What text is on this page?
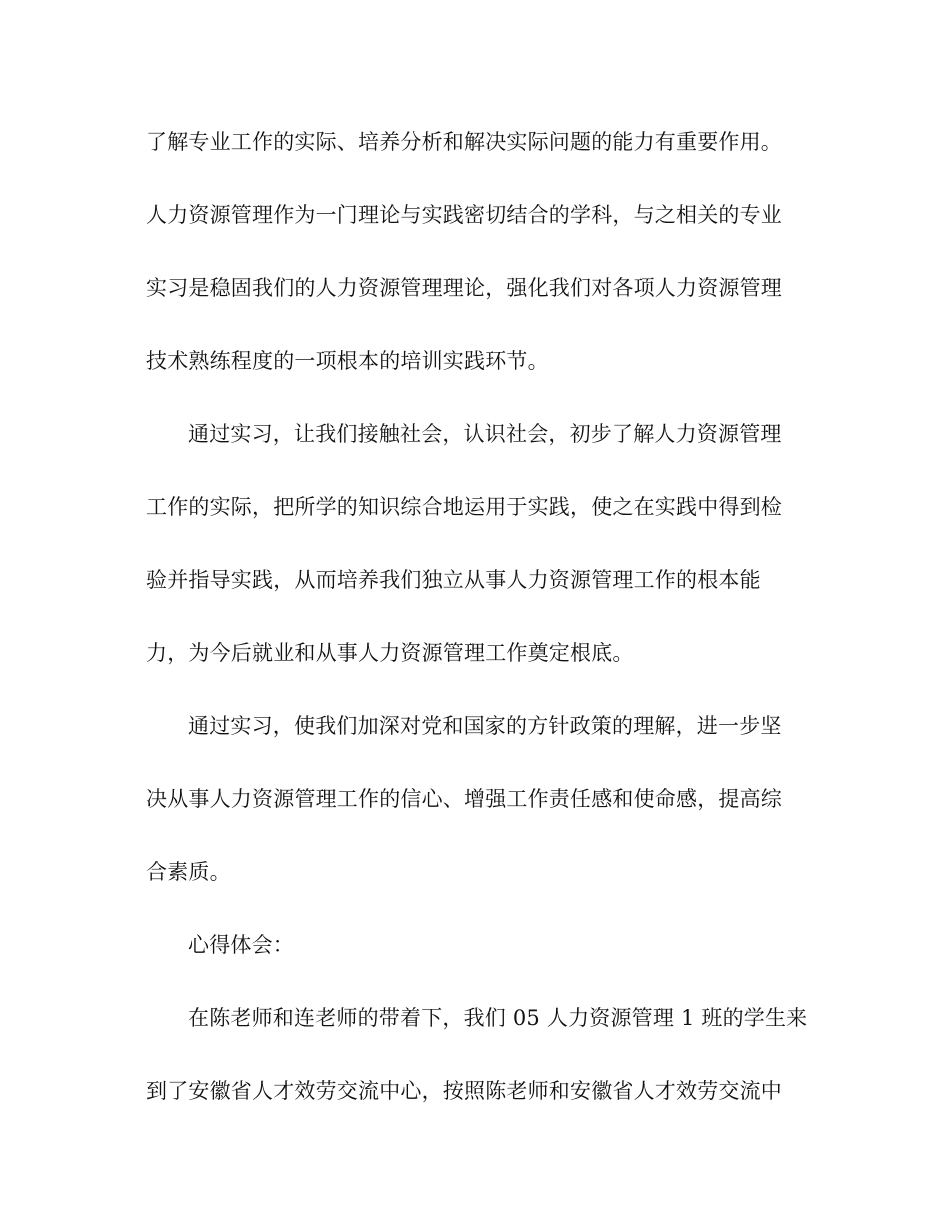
了解专业工作的实际、培养分析和解决实际问题的能力有重要作用。
人力资源管理作为一门理论与实践密切结合的学科，与之相关的专业
实习是稳固我们的人力资源管理理论，强化我们对各项人力资源管理
技术熟练程度的一项根本的培训实践环节。
通过实习，让我们接触社会，认识社会，初步了解人力资源管理
工作的实际，把所学的知识综合地运用于实践，使之在实践中得到检
验并指导实践，从而培养我们独立从事人力资源管理工作的根本能
力，为今后就业和从事人力资源管理工作奠定根底。
通过实习，使我们加深对党和国家的方针政策的理解，进一步坚
决从事人力资源管理工作的信心、增强工作责任感和使命感，提高综
合素质。
心得体会：
在陈老师和连老师的带着下，我们 05 人力资源管理 1 班的学生来
到了安徽省人才效劳交流中心，按照陈老师和安徽省人才效劳交流中
